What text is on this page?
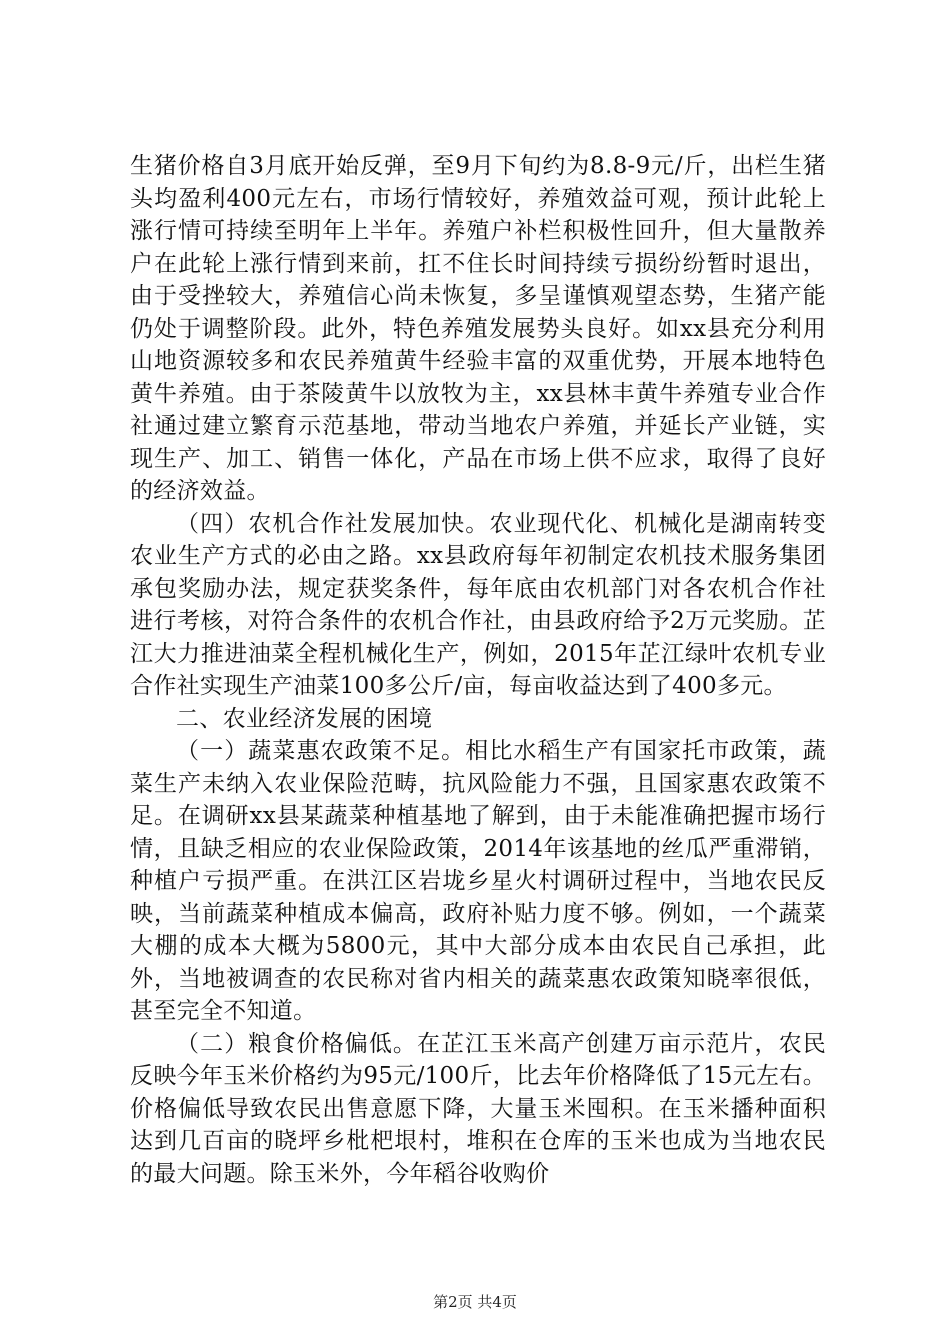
生猪价格自3月底开始反弹，至9月下旬约为8.8-9元/斤，出栏生猪头均盈利400元左右，市场行情较好，养殖效益可观，预计此轮上涨行情可持续至明年上半年。养殖户补栏积极性回升，但大量散养户在此轮上涨行情到来前，扛不住长时间持续亏损纷纷暂时退出，由于受挫较大，养殖信心尚未恢复，多呈谨慎观望态势，生猪产能仍处于调整阶段。此外，特色养殖发展势头良好。如xx县充分利用山地资源较多和农民养殖黄牛经验丰富的双重优势，开展本地特色黄牛养殖。由于茶陵黄牛以放牧为主，xx县林丰黄牛养殖专业合作社通过建立繁育示范基地，带动当地农户养殖，并延长产业链，实现生产、加工、销售一体化，产品在市场上供不应求，取得了良好的经济效益。

（四）农机合作社发展加快。农业现代化、机械化是湖南转变农业生产方式的必由之路。xx县政府每年初制定农机技术服务集团承包奖励办法，规定获奖条件，每年底由农机部门对各农机合作社进行考核，对符合条件的农机合作社，由县政府给予2万元奖励。芷江大力推进油菜全程机械化生产，例如，2015年芷江绿叶农机专业合作社实现生产油菜100多公斤/亩，每亩收益达到了400多元。

二、农业经济发展的困境

（一）蔬菜惠农政策不足。相比水稻生产有国家托市政策，蔬菜生产未纳入农业保险范畴，抗风险能力不强，且国家惠农政策不足。在调研xx县某蔬菜种植基地了解到，由于未能准确把握市场行情，且缺乏相应的农业保险政策，2014年该基地的丝瓜严重滞销，种植户亏损严重。在洪江区岩垅乡星火村调研过程中，当地农民反映，当前蔬菜种植成本偏高，政府补贴力度不够。例如，一个蔬菜大棚的成本大概为5800元，其中大部分成本由农民自己承担，此外，当地被调查的农民称对省内相关的蔬菜惠农政策知晓率很低，甚至完全不知道。

（二）粮食价格偏低。在芷江玉米高产创建万亩示范片，农民反映今年玉米价格约为95元/100斤，比去年价格降低了15元左右。价格偏低导致农民出售意愿下降，大量玉米囤积。在玉米播种面积达到几百亩的晓坪乡枇杷垠村，堆积在仓库的玉米也成为当地农民的最大问题。除玉米外，今年稻谷收购价

第2页 共4页
